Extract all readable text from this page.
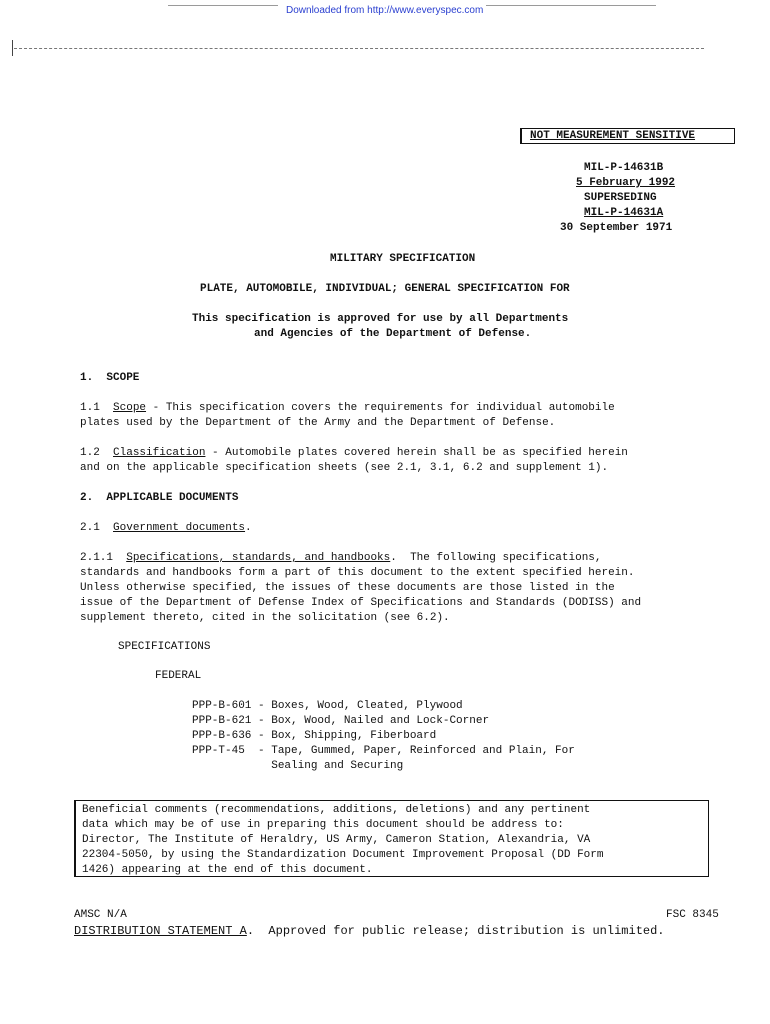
Downloaded from http://www.everyspec.com
NOT MEASUREMENT SENSITIVE
MIL-P-14631B
5 February 1992
SUPERSEDING
MIL-P-14631A
30 September 1971
MILITARY SPECIFICATION
PLATE, AUTOMOBILE, INDIVIDUAL; GENERAL SPECIFICATION FOR
This specification is approved for use by all Departments
and Agencies of the Department of Defense.
1.  SCOPE
1.1  Scope - This specification covers the requirements for individual automobile
plates used by the Department of the Army and the Department of Defense.
1.2  Classification - Automobile plates covered herein shall be as specified herein
and on the applicable specification sheets (see 2.1, 3.1, 6.2 and supplement 1).
2.  APPLICABLE DOCUMENTS
2.1  Government documents.
2.1.1  Specifications, standards, and handbooks.  The following specifications,
standards and handbooks form a part of this document to the extent specified herein.
Unless otherwise specified, the issues of these documents are those listed in the
issue of the Department of Defense Index of Specifications and Standards (DODISS) and
supplement thereto, cited in the solicitation (see 6.2).
SPECIFICATIONS
FEDERAL
PPP-B-601 - Boxes, Wood, Cleated, Plywood
PPP-B-621 - Box, Wood, Nailed and Lock-Corner
PPP-B-636 - Box, Shipping, Fiberboard
PPP-T-45  - Tape, Gummed, Paper, Reinforced and Plain, For
Sealing and Securing
Beneficial comments (recommendations, additions, deletions) and any pertinent
data which may be of use in preparing this document should be address to:
Director, The Institute of Heraldry, US Army, Cameron Station, Alexandria, VA
22304-5050, by using the Standardization Document Improvement Proposal (DD Form
1426) appearing at the end of this document.
AMSC N/A	FSC 8345
DISTRIBUTION STATEMENT A.  Approved for public release; distribution is unlimited.
